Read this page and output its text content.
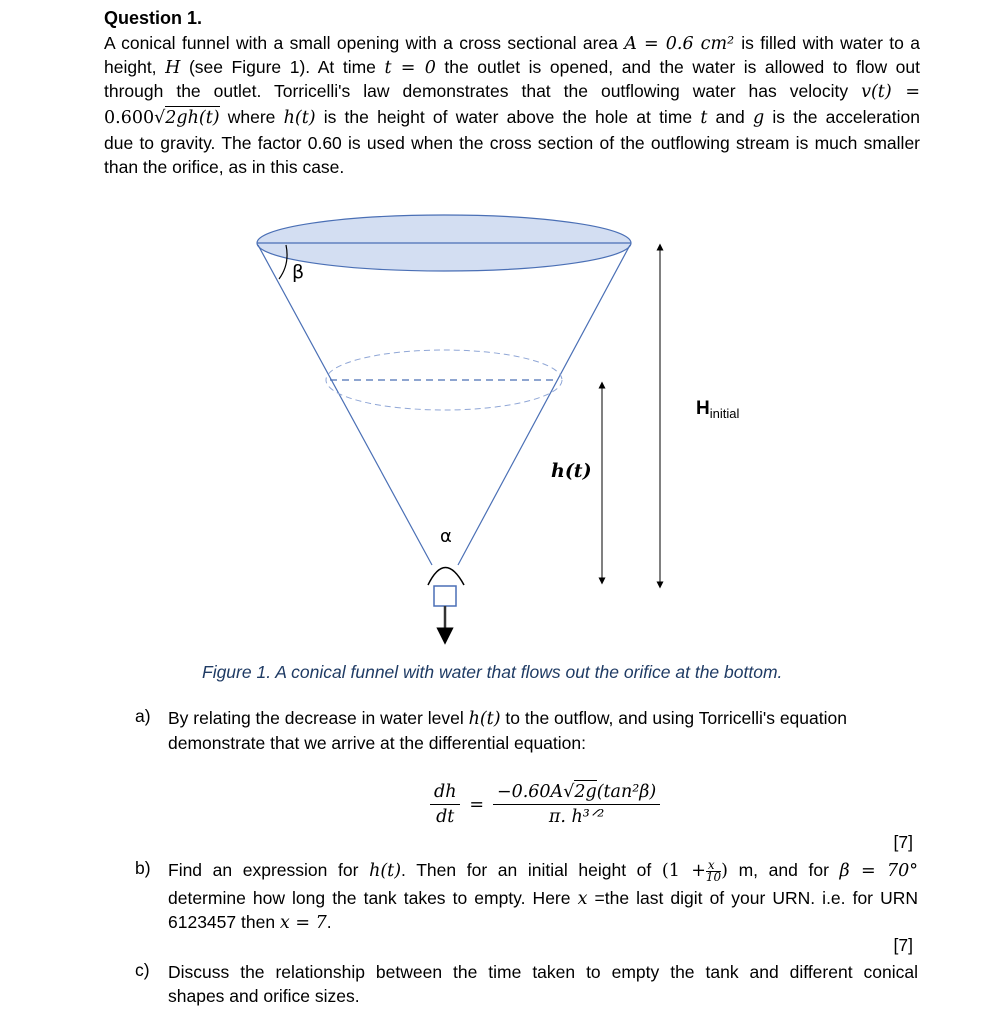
Question 1.
A conical funnel with a small opening with a cross sectional area A = 0.6 cm² is filled with water to a
height, H (see Figure 1). At time t = 0 the outlet is opened, and the water is allowed to flow out
through the outlet. Torricelli's law demonstrates that the outflowing water has velocity v(t) =
0.600√2gh(t) where h(t) is the height of water above the hole at time t and g is the acceleration
due to gravity. The factor 0.60 is used when the cross section of the outflowing stream is much smaller
than the orifice, as in this case.
β
α
h(t)
$H_{initial}$
Figure 1. A conical funnel with water that flows out the orifice at the bottom.
a) By relating the decrease in water level h(t) to the outflow, and using Torricelli's equation
demonstrate that we arrive at the differential equation:
$\frac{dh}{dt} = \frac{\text{−0.60A√2g(tan²β)}}{\text{π. h³ᐟ²}}$
[7]
b) Find an expression for h(t). Then for an initial height of ($1 + \frac{x}{10}$ ) m, and for β = 70°
determine how long the tank takes to empty. Here x =the last digit of your URN. i.e. for URN
6123457 then x = 7.
[7]
c) Discuss the relationship between the time taken to empty the tank and different conical
shapes and orifice sizes.
